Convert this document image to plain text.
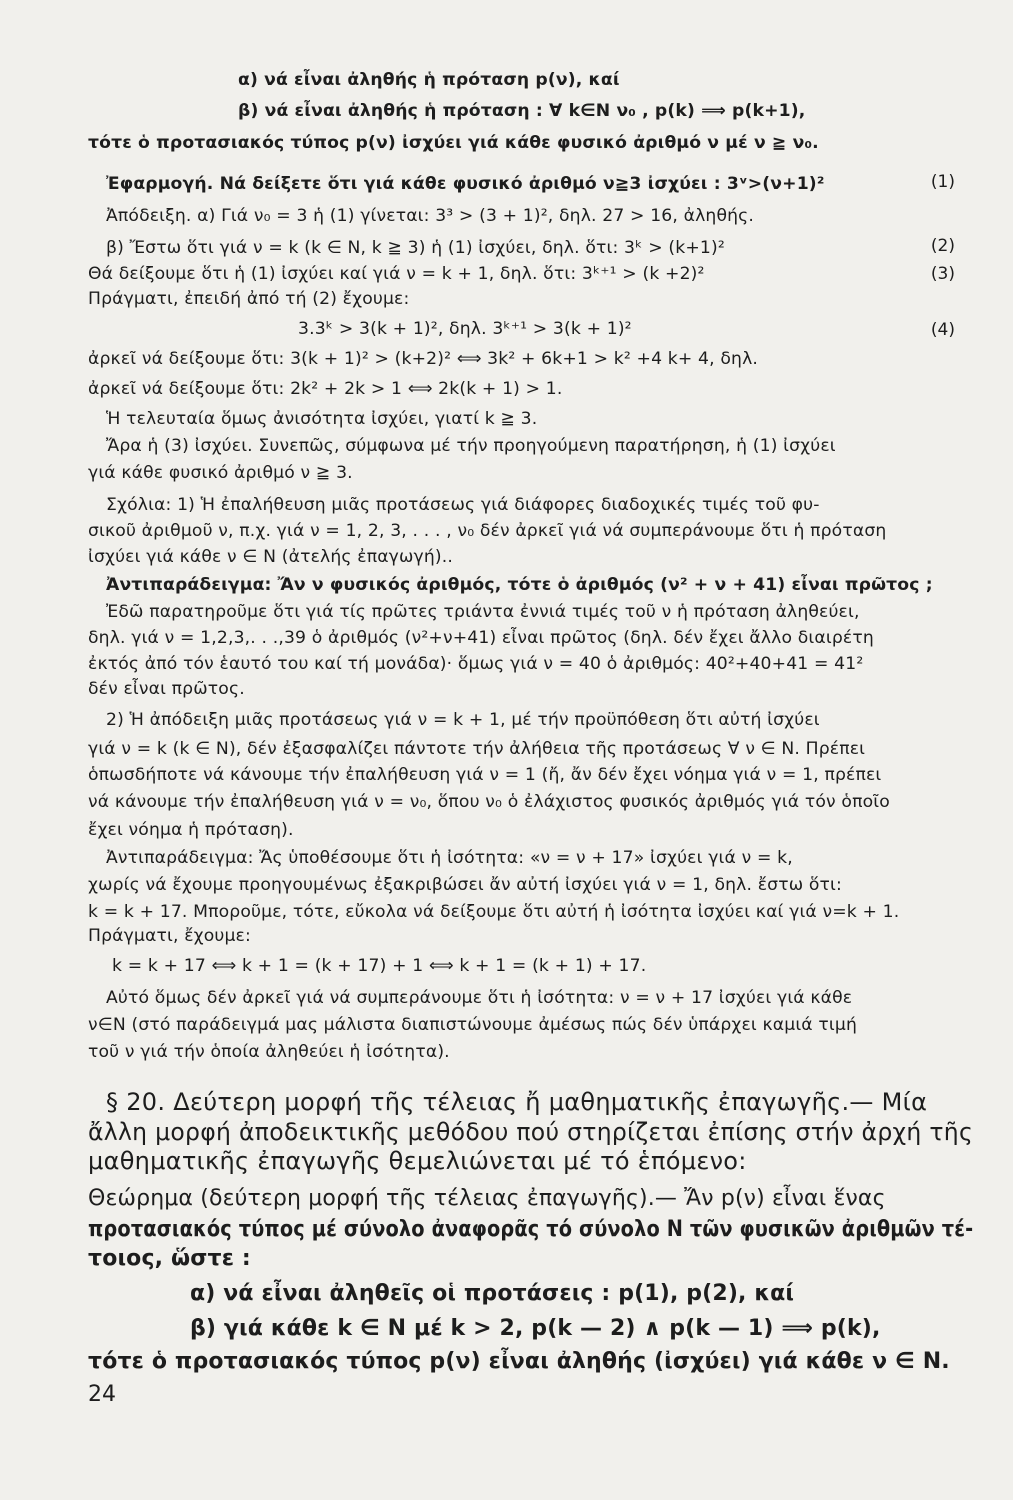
α) νά εἶναι ἀληθής ἡ πρόταση p(ν), καί
β) νά εἶναι ἀληθής ἡ πρόταση : ∀ k∈N ν₀ , p(k) ⟹ p(k+1),
τότε ὁ προτασιακός τύπος p(ν) ἰσχύει γιά κάθε φυσικό ἀριθμό ν μέ ν ≧ ν₀.
Ἐφαρμογή. Νά δείξετε ὅτι γιά κάθε φυσικό ἀριθμό ν≧3 ἰσχύει : 3ᵛ>(ν+1)²	(1)
Ἀπόδειξη. α) Γιά ν₀ = 3 ἡ (1) γίνεται: 3³ > (3 + 1)², δηλ. 27 > 16, ἀληθής.
β) Ἔστω ὅτι γιά ν = k (k ∈ N, k ≧ 3) ἡ (1) ἰσχύει, δηλ. ὅτι: 3ᵏ > (k+1)²	(2)
Θά δείξουμε ὅτι ἡ (1) ἰσχύει καί γιά ν = k + 1, δηλ. ὅτι: 3ᵏ⁺¹ > (k +2)²	(3)
Πράγματι, ἐπειδή ἀπό τή (2) ἔχουμε:
3.3ᵏ > 3(k + 1)², δηλ. 3ᵏ⁺¹ > 3(k + 1)²	(4)
ἀρκεῖ νά δείξουμε ὅτι: 3(k + 1)² > (k+2)² ⟺ 3k² + 6k+1 > k² +4 k+ 4, δηλ.
ἀρκεῖ νά δείξουμε ὅτι: 2k² + 2k > 1 ⟺ 2k(k + 1) > 1.
Ἡ τελευταία ὅμως ἀνισότητα ἰσχύει, γιατί k ≧ 3.
Ἄρα ἡ (3) ἰσχύει. Συνεπῶς, σύμφωνα μέ τήν προηγούμενη παρατήρηση, ἡ (1) ἰσχύει
γιά κάθε φυσικό ἀριθμό ν ≧ 3.
Σχόλια: 1) Ἡ ἐπαλήθευση μιᾶς προτάσεως γιά διάφορες διαδοχικές τιμές τοῦ φυ-
σικοῦ ἀριθμοῦ ν, π.χ. γιά ν = 1, 2, 3, . . . , ν₀ δέν ἀρκεῖ γιά νά συμπεράνουμε ὅτι ἡ πρόταση
ἰσχύει γιά κάθε ν ∈ N (ἀτελής ἐπαγωγή)..
Ἀντιπαράδειγμα: Ἄν ν φυσικός ἀριθμός, τότε ὁ ἀριθμός (ν² + ν + 41) εἶναι πρῶτος ;
Ἐδῶ παρατηροῦμε ὅτι γιά τίς πρῶτες τριάντα ἐννιά τιμές τοῦ ν ἡ πρόταση ἀληθεύει,
δηλ. γιά ν = 1,2,3,. . .,39 ὁ ἀριθμός (ν²+ν+41) εἶναι πρῶτος (δηλ. δέν ἔχει ἄλλο διαιρέτη
ἐκτός ἀπό τόν ἑαυτό του καί τή μονάδα)· ὅμως γιά ν = 40 ὁ ἀριθμός: 40²+40+41 = 41²
δέν εἶναι πρῶτος.
2) Ἡ ἀπόδειξη μιᾶς προτάσεως γιά ν = k + 1, μέ τήν προϋπόθεση ὅτι αὐτή ἰσχύει
γιά ν = k (k ∈ N), δέν ἐξασφαλίζει πάντοτε τήν ἀλήθεια τῆς προτάσεως ∀ ν ∈ N. Πρέπει
ὁπωσδήποτε νά κάνουμε τήν ἐπαλήθευση γιά ν = 1 (ἤ, ἄν δέν ἔχει νόημα γιά ν = 1, πρέπει
νά κάνουμε τήν ἐπαλήθευση γιά ν = ν₀, ὅπου ν₀ ὁ ἐλάχιστος φυσικός ἀριθμός γιά τόν ὁποῖο
ἔχει νόημα ἡ πρόταση).
Ἀντιπαράδειγμα: Ἄς ὑποθέσουμε ὅτι ἡ ἰσότητα: «ν = ν + 17» ἰσχύει γιά ν = k,
χωρίς νά ἔχουμε προηγουμένως ἐξακριβώσει ἄν αὐτή ἰσχύει γιά ν = 1, δηλ. ἔστω ὅτι:
k = k + 17. Μποροῦμε, τότε, εὔκολα νά δείξουμε ὅτι αὐτή ἡ ἰσότητα ἰσχύει καί γιά ν=k + 1.
Πράγματι, ἔχουμε:
k = k + 17 ⟺ k + 1 = (k + 17) + 1 ⟺ k + 1 = (k + 1) + 17.
Αὐτό ὅμως δέν ἀρκεῖ γιά νά συμπεράνουμε ὅτι ἡ ἰσότητα: ν = ν + 17 ἰσχύει γιά κάθε
ν∈N (στό παράδειγμά μας μάλιστα διαπιστώνουμε ἀμέσως πώς δέν ὑπάρχει καμιά τιμή
τοῦ ν γιά τήν ὁποία ἀληθεύει ἡ ἰσότητα).
§ 20. Δεύτερη μορφή τῆς τέλειας ἤ μαθηματικῆς ἐπαγωγῆς.— Μία
ἄλλη μορφή ἀποδεικτικῆς μεθόδου πού στηρίζεται ἐπίσης στήν ἀρχή τῆς
μαθηματικῆς ἐπαγωγῆς θεμελιώνεται μέ τό ἑπόμενο:
Θεώρημα (δεύτερη μορφή τῆς τέλειας ἐπαγωγῆς).— Ἄν p(ν) εἶναι ἕνας
προτασιακός τύπος μέ σύνολο ἀναφορᾶς τό σύνολο N τῶν φυσικῶν ἀριθμῶν τέ-
τοιος, ὥστε :
α) νά εἶναι ἀληθεῖς οἱ προτάσεις : p(1), p(2), καί
β) γιά κάθε k ∈ N μέ k > 2, p(k — 2) ∧ p(k — 1) ⟹ p(k),
τότε ὁ προτασιακός τύπος p(ν) εἶναι ἀληθής (ἰσχύει) γιά κάθε ν ∈ N.
24
